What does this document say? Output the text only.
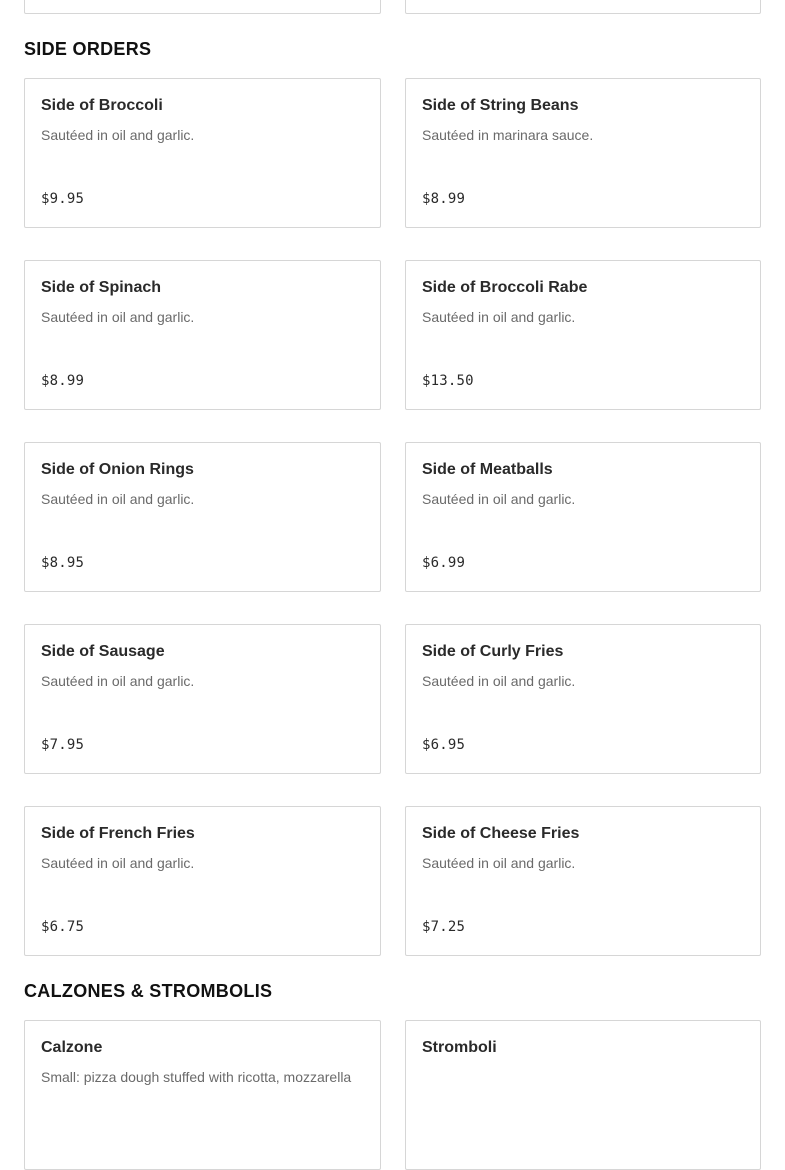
SIDE ORDERS
Side of Broccoli
Sautéed in oil and garlic.
$9.95
Side of String Beans
Sautéed in marinara sauce.
$8.99
Side of Spinach
Sautéed in oil and garlic.
$8.99
Side of Broccoli Rabe
Sautéed in oil and garlic.
$13.50
Side of Onion Rings
Sautéed in oil and garlic.
$8.95
Side of Meatballs
Sautéed in oil and garlic.
$6.99
Side of Sausage
Sautéed in oil and garlic.
$7.95
Side of Curly Fries
Sautéed in oil and garlic.
$6.95
Side of French Fries
Sautéed in oil and garlic.
$6.75
Side of Cheese Fries
Sautéed in oil and garlic.
$7.25
CALZONES & STROMBOLIS
Calzone
Small: pizza dough stuffed with ricotta, mozzarella
Stromboli
